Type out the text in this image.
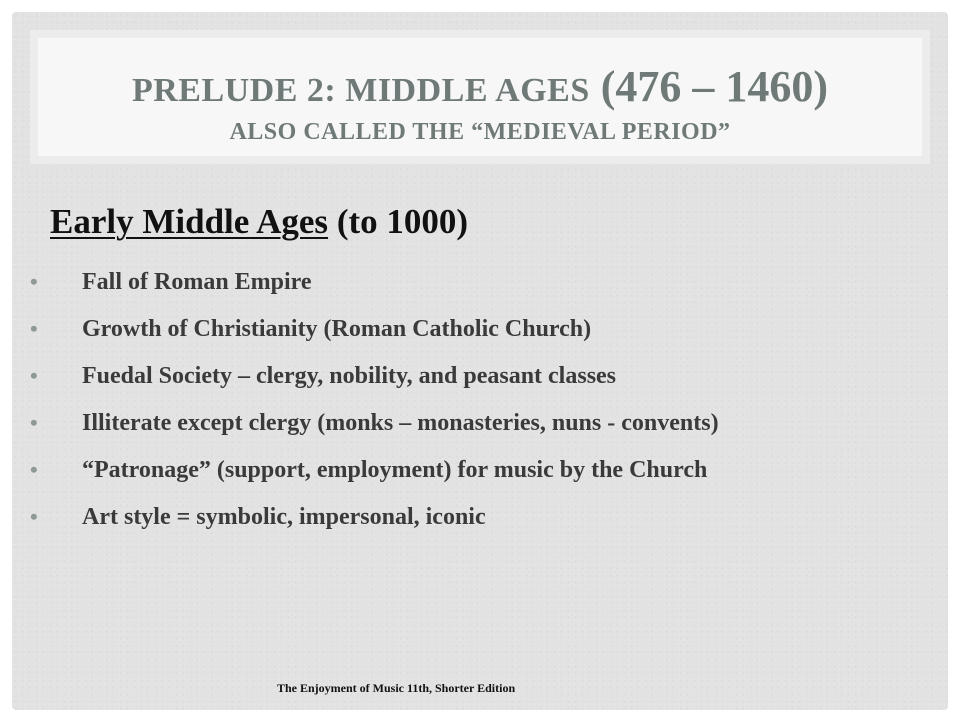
PRELUDE 2: MIDDLE AGES (476 – 1460)
ALSO CALLED THE “MEDIEVAL PERIOD”
Early Middle Ages (to 1000)
• Fall of Roman Empire
• Growth of Christianity (Roman Catholic Church)
• Fuedal Society – clergy, nobility, and peasant classes
• Illiterate except clergy (monks – monasteries, nuns - convents)
• “Patronage” (support, employment) for music by the Church
• Art style = symbolic, impersonal, iconic
The Enjoyment of Music 11th, Shorter Edition
